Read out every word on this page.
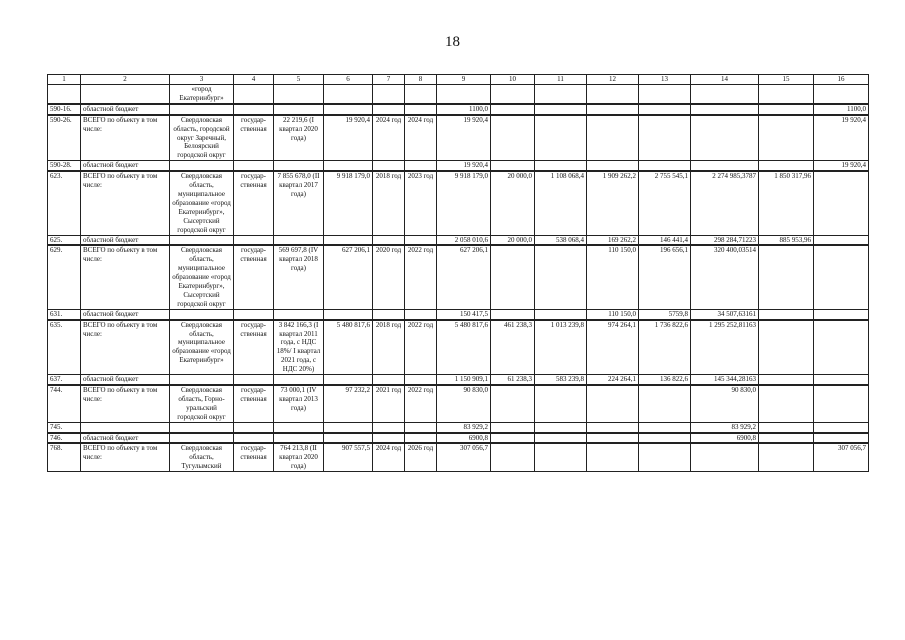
18
1	2	3	4	5	6	7	8	9	10	11	12	13	14	15	16
		«город Екатеринбург»													
590-16.	областной бюджет							1100,0							1100,0
590-26.	ВСЕГО по объекту в том числе:	Свердловская область, городской округ Заречный, Белоярский городской округ	государ- ственная	22 219,6 (I квартал 2020 года)	19 920,4	2024 год	2024 год	19 920,4							19 920,4
590-28.	областной бюджет							19 920,4							19 920,4
623.	ВСЕГО по объекту в том числе:	Свердловская область, муниципальное образование «город Екатеринбург», Сысертский городской округ	государ- ственная	7 855 678,0 (II квартал 2017 года)	9 918 179,0	2018 год	2023 год	9 918 179,0	20 000,0	1 108 068,4	1 909 262,2	2 755 545,1	2 274 985,3787	1 850 317,96	
625.	областной бюджет							2 058 010,6	20 000,0	538 068,4	169 262,2	146 441,4	298 284,71223	885 953,96	
629.	ВСЕГО по объекту в том числе:	Свердловская область, муниципальное образование «город Екатеринбург», Сысертский городской округ	государ- ственная	569 697,8 (IV квартал 2018 года)	627 206,1	2020 год	2022 год	627 206,1			110 150,0	196 656,1	320 400,03514		
631.	областной бюджет							150 417,5			110 150,0	5759,8	34 507,63161		
635.	ВСЕГО по объекту в том числе:	Свердловская область, муниципальное образование «город Екатеринбург»	государ- ственная	3 842 166,3 (I квартал 2011 года, с НДС 18%/ I квартал 2021 года, с НДС 20%)	5 480 817,6	2018 год	2022 год	5 480 817,6	461 238,3	1 013 239,8	974 264,1	1 736 822,6	1 295 252,81163		
637.	областной бюджет							1 150 909,1	61 238,3	583 239,8	224 264,1	136 822,6	145 344,28163		
744.	ВСЕГО по объекту в том числе:	Свердловская область, Горно- уральский городской округ	государ- ственная	73 000,1 (IV квартал 2013 года)	97 232,2	2021 год	2022 год	90 830,0					90 830,0		
745.								83 929,2					83 929,2		
746.	областной бюджет							6900,8					6900,8		
768.	ВСЕГО по объекту в том числе:	Свердловская область, Тугулымский	государ- ственная	764 213,8 (II квартал 2020 года)	907 557,5	2024 год	2026 год	307 056,7							307 056,7
